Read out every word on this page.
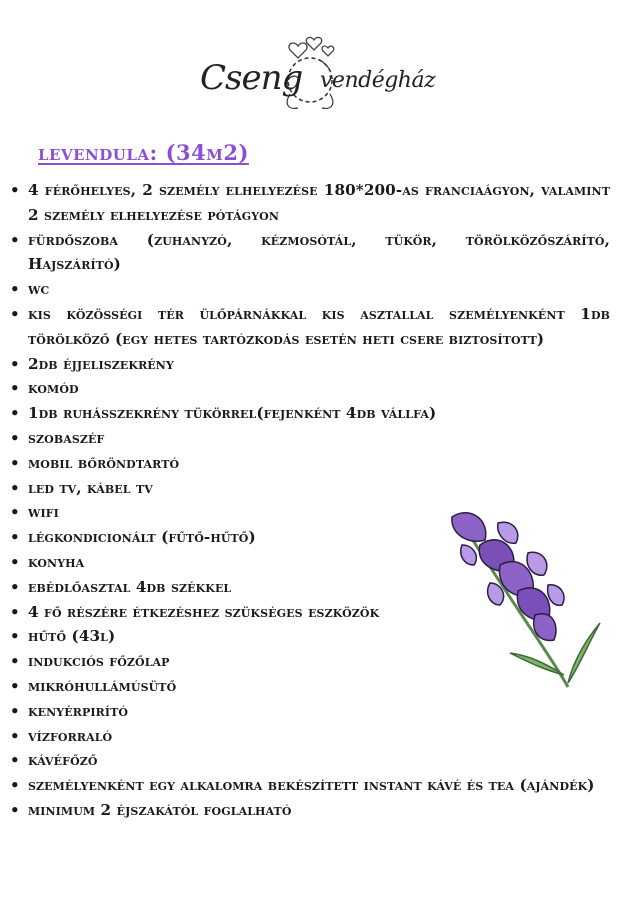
Cseng vendégház
levendula: (34m2)
• 4 férőhelyes, 2 személy elhelyezése 180*200-as franciaágyon, valamint 2 személy elhelyezése pótágyon
• fürdőszoba (zuhanyzó, kézmosótál, tükör, törölközőszárító, Hajszárító)
• wc
• kis közösségi tér ülőpárnákkal kis asztallal személyenként 1db törölköző (egy hetes tartózkodás esetén heti csere biztosított)
• 2db éjjeliszekrény
• komód
• 1db ruhásszekrény tükörrel(fejenként 4db vállfa)
• szobaszéf
• mobil bőröndtartó
• led tv, kábel tv
• wifi
• légkondicionált (fűtő-hűtő)
• konyha
• ebédlőasztal 4db székkel
• 4 fő részére étkezéshez szükséges eszközök
• hűtő (43l)
• indukciós főzőlap
• mikróhullámúsütő
• kenyérpirító
• vízforraló
• kávéfőző
• személyenként egy alkalomra bekészített instant kávé és tea (ajándék)
• minimum 2 éjszakától foglalható
